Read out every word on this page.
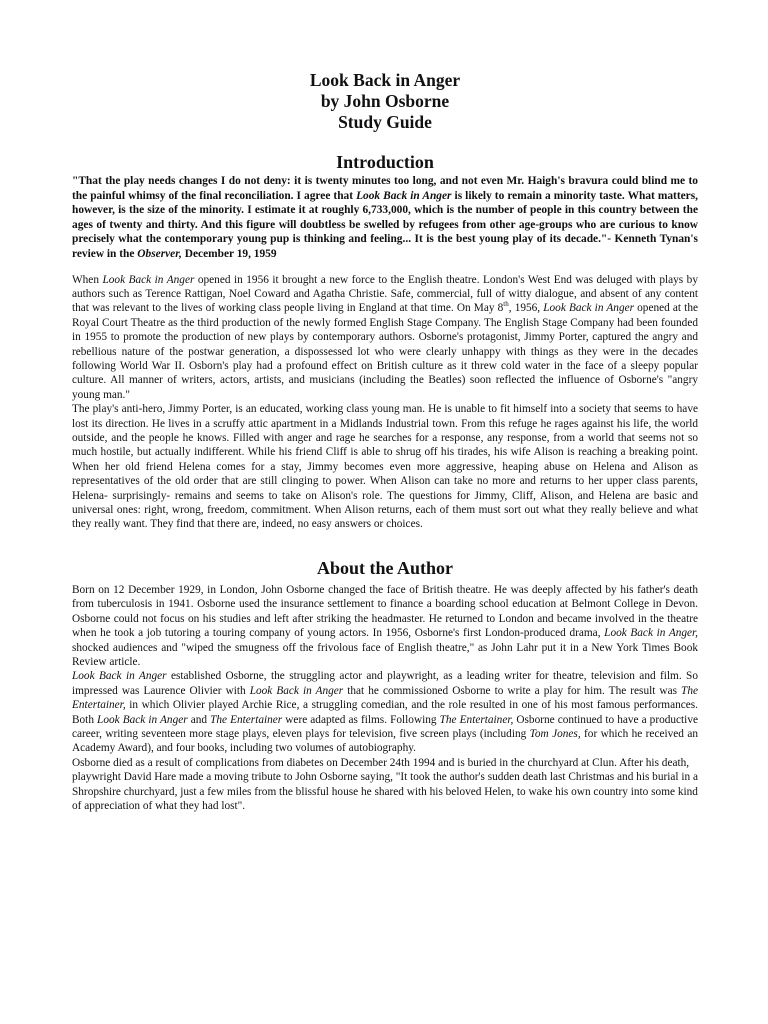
Look Back in Anger
by John Osborne
Study Guide
Introduction
"That the play needs changes I do not deny: it is twenty minutes too long, and not even Mr. Haigh's bravura could blind me to the painful whimsy of the final reconciliation. I agree that Look Back in Anger is likely to remain a minority taste. What matters, however, is the size of the minority. I estimate it at roughly 6,733,000, which is the number of people in this country between the ages of twenty and thirty. And this figure will doubtless be swelled by refugees from other age-groups who are curious to know precisely what the contemporary young pup is thinking and feeling... It is the best young play of its decade."- Kenneth Tynan's review in the Observer, December 19, 1959

When Look Back in Anger opened in 1956 it brought a new force to the English theatre. London's West End was deluged with plays by authors such as Terence Rattigan, Noel Coward and Agatha Christie. Safe, commercial, full of witty dialogue, and absent of any content that was relevant to the lives of working class people living in England at that time. On May 8th, 1956, Look Back in Anger opened at the Royal Court Theatre as the third production of the newly formed English Stage Company. The English Stage Company had been founded in 1955 to promote the production of new plays by contemporary authors. Osborne's protagonist, Jimmy Porter, captured the angry and rebellious nature of the postwar generation, a dispossessed lot who were clearly unhappy with things as they were in the decades following World War II. Osborn's play had a profound effect on British culture as it threw cold water in the face of a sleepy popular culture. All manner of writers, actors, artists, and musicians (including the Beatles) soon reflected the influence of Osborne's "angry young man."

The play's anti-hero, Jimmy Porter, is an educated, working class young man. He is unable to fit himself into a society that seems to have lost its direction. He lives in a scruffy attic apartment in a Midlands Industrial town. From this refuge he rages against his life, the world outside, and the people he knows. Filled with anger and rage he searches for a response, any response, from a world that seems not so much hostile, but actually indifferent. While his friend Cliff is able to shrug off his tirades, his wife Alison is reaching a breaking point. When her old friend Helena comes for a stay, Jimmy becomes even more aggressive, heaping abuse on Helena and Alison as representatives of the old order that are still clinging to power. When Alison can take no more and returns to her upper class parents, Helena- surprisingly- remains and seems to take on Alison's role. The questions for Jimmy, Cliff, Alison, and Helena are basic and universal ones: right, wrong, freedom, commitment. When Alison returns, each of them must sort out what they really believe and what they really want. They find that there are, indeed, no easy answers or choices.

About the Author

Born on 12 December 1929, in London, John Osborne changed the face of British theatre. He was deeply affected by his father's death from tuberculosis in 1941. Osborne used the insurance settlement to finance a boarding school education at Belmont College in Devon. Osborne could not focus on his studies and left after striking the headmaster. He returned to London and became involved in the theatre when he took a job tutoring a touring company of young actors. In 1956, Osborne's first London-produced drama, Look Back in Anger, shocked audiences and "wiped the smugness off the frivolous face of English theatre," as John Lahr put it in a New York Times Book Review article.

Look Back in Anger established Osborne, the struggling actor and playwright, as a leading writer for theatre, television and film. So impressed was Laurence Olivier with Look Back in Anger that he commissioned Osborne to write a play for him. The result was The Entertainer, in which Olivier played Archie Rice, a struggling comedian, and the role resulted in one of his most famous performances. Both Look Back in Anger and The Entertainer were adapted as films. Following The Entertainer, Osborne continued to have a productive career, writing seventeen more stage plays, eleven plays for television, five screen plays (including Tom Jones, for which he received an Academy Award), and four books, including two volumes of autobiography.

Osborne died as a result of complications from diabetes on December 24th 1994 and is buried in the churchyard at Clun. After his death, playwright David Hare made a moving tribute to John Osborne saying, "It took the author's sudden death last Christmas and his burial in a Shropshire churchyard, just a few miles from the blissful house he shared with his beloved Helen, to wake his own country into some kind of appreciation of what they had lost".
